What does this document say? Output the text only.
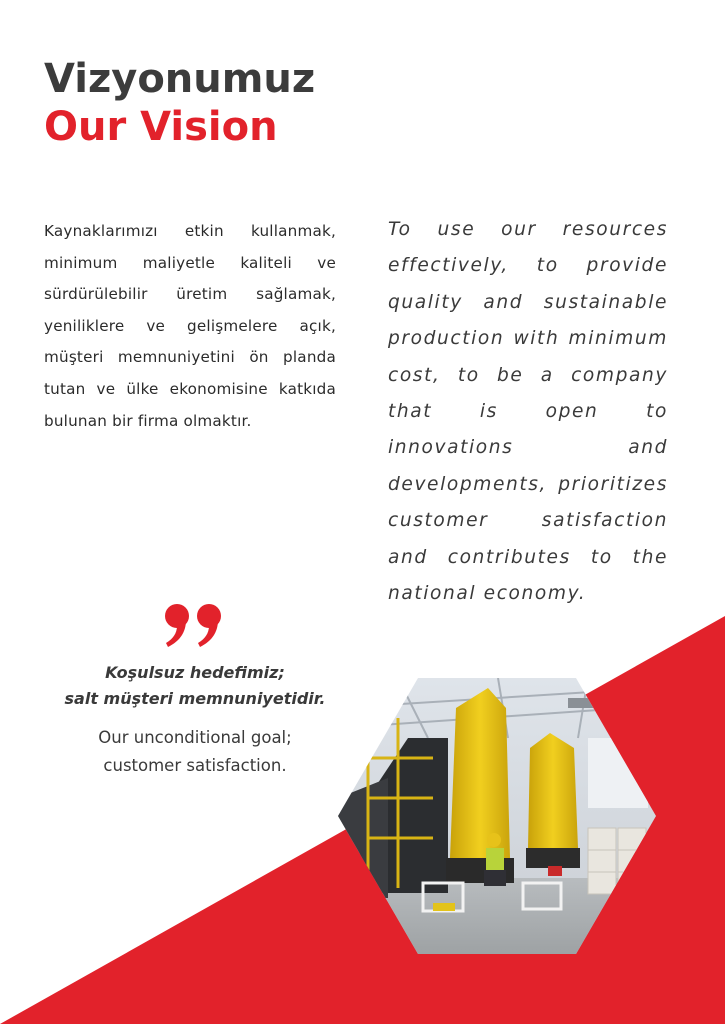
Vizyonumuz
Our Vision
Kaynaklarımızı etkin kullanmak, minimum maliyetle kaliteli ve sürdürülebilir üretim sağlamak, yeniliklere ve gelişmelere açık, müşteri memnuniyetini ön planda tutan ve ülke ekonomisine katkıda bulunan bir firma olmaktır.
To use our resources effectively, to provide quality and sustainable production with minimum cost, to be a company that is open to innovations and developments, prioritizes customer satisfaction and contributes to the national economy.

Koşulsuz hedefimiz;
salt müşteri memnuniyetidir.

Our unconditional goal;
customer satisfaction.
